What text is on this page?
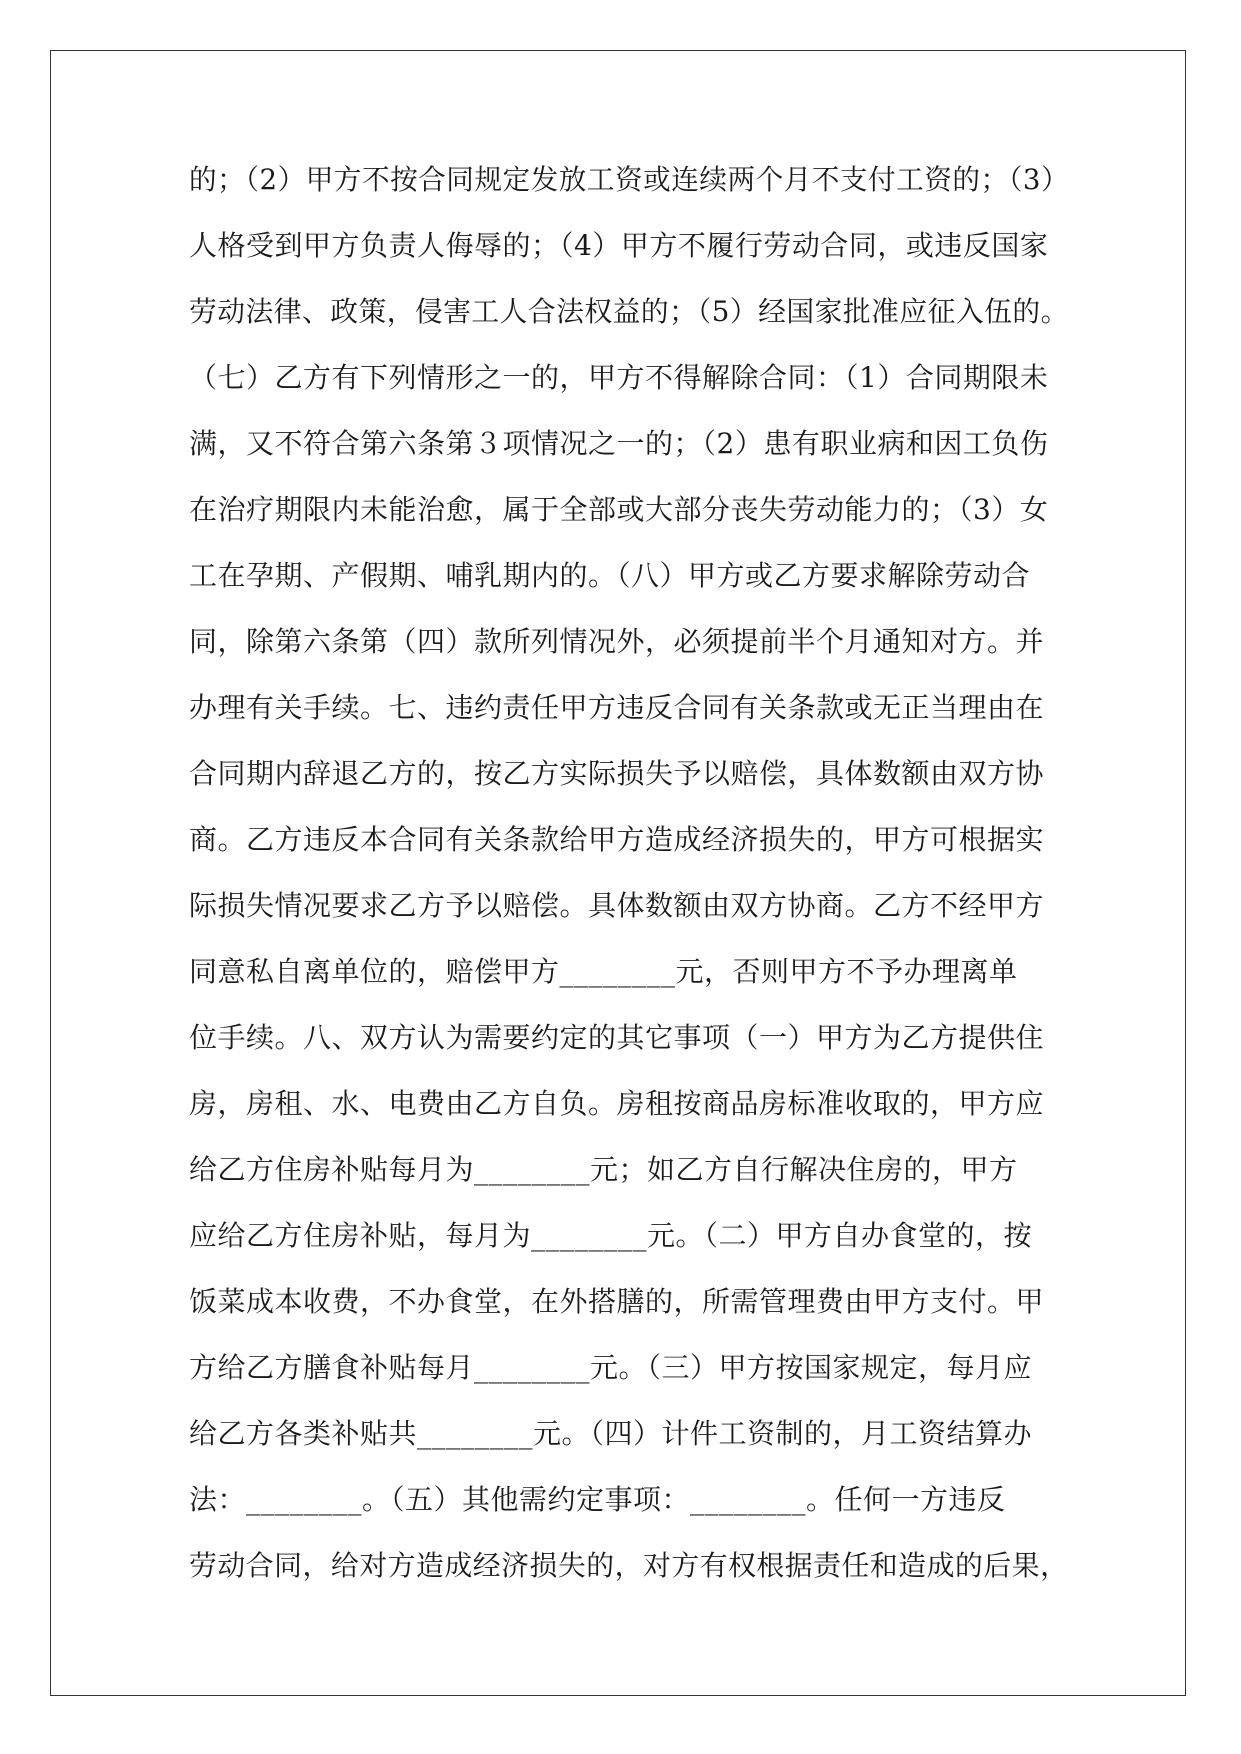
的；（2）甲方不按合同规定发放工资或连续两个月不支付工资的；（3）
人格受到甲方负责人侮辱的；（4）甲方不履行劳动合同，或违反国家
劳动法律、政策，侵害工人合法权益的；（5）经国家批准应征入伍的。
（七）乙方有下列情形之一的，甲方不得解除合同：（1）合同期限未
满，又不符合第六条第３项情况之一的；（2）患有职业病和因工负伤
在治疗期限内未能治愈，属于全部或大部分丧失劳动能力的；（3）女
工在孕期、产假期、哺乳期内的。（八）甲方或乙方要求解除劳动合
同，除第六条第（四）款所列情况外，必须提前半个月通知对方。并
办理有关手续。七、违约责任甲方违反合同有关条款或无正当理由在
合同期内辞退乙方的，按乙方实际损失予以赔偿，具体数额由双方协
商。乙方违反本合同有关条款给甲方造成经济损失的，甲方可根据实
际损失情况要求乙方予以赔偿。具体数额由双方协商。乙方不经甲方
同意私自离单位的，赔偿甲方________元，否则甲方不予办理离单
位手续。八、双方认为需要约定的其它事项（一）甲方为乙方提供住
房，房租、水、电费由乙方自负。房租按商品房标准收取的，甲方应
给乙方住房补贴每月为________元；如乙方自行解决住房的，甲方
应给乙方住房补贴，每月为________元。（二）甲方自办食堂的，按
饭菜成本收费，不办食堂，在外搭膳的，所需管理费由甲方支付。甲
方给乙方膳食补贴每月________元。（三）甲方按国家规定，每月应
给乙方各类补贴共________元。（四）计件工资制的，月工资结算办
法：________。（五）其他需约定事项：________。任何一方违反
劳动合同，给对方造成经济损失的，对方有权根据责任和造成的后果，
